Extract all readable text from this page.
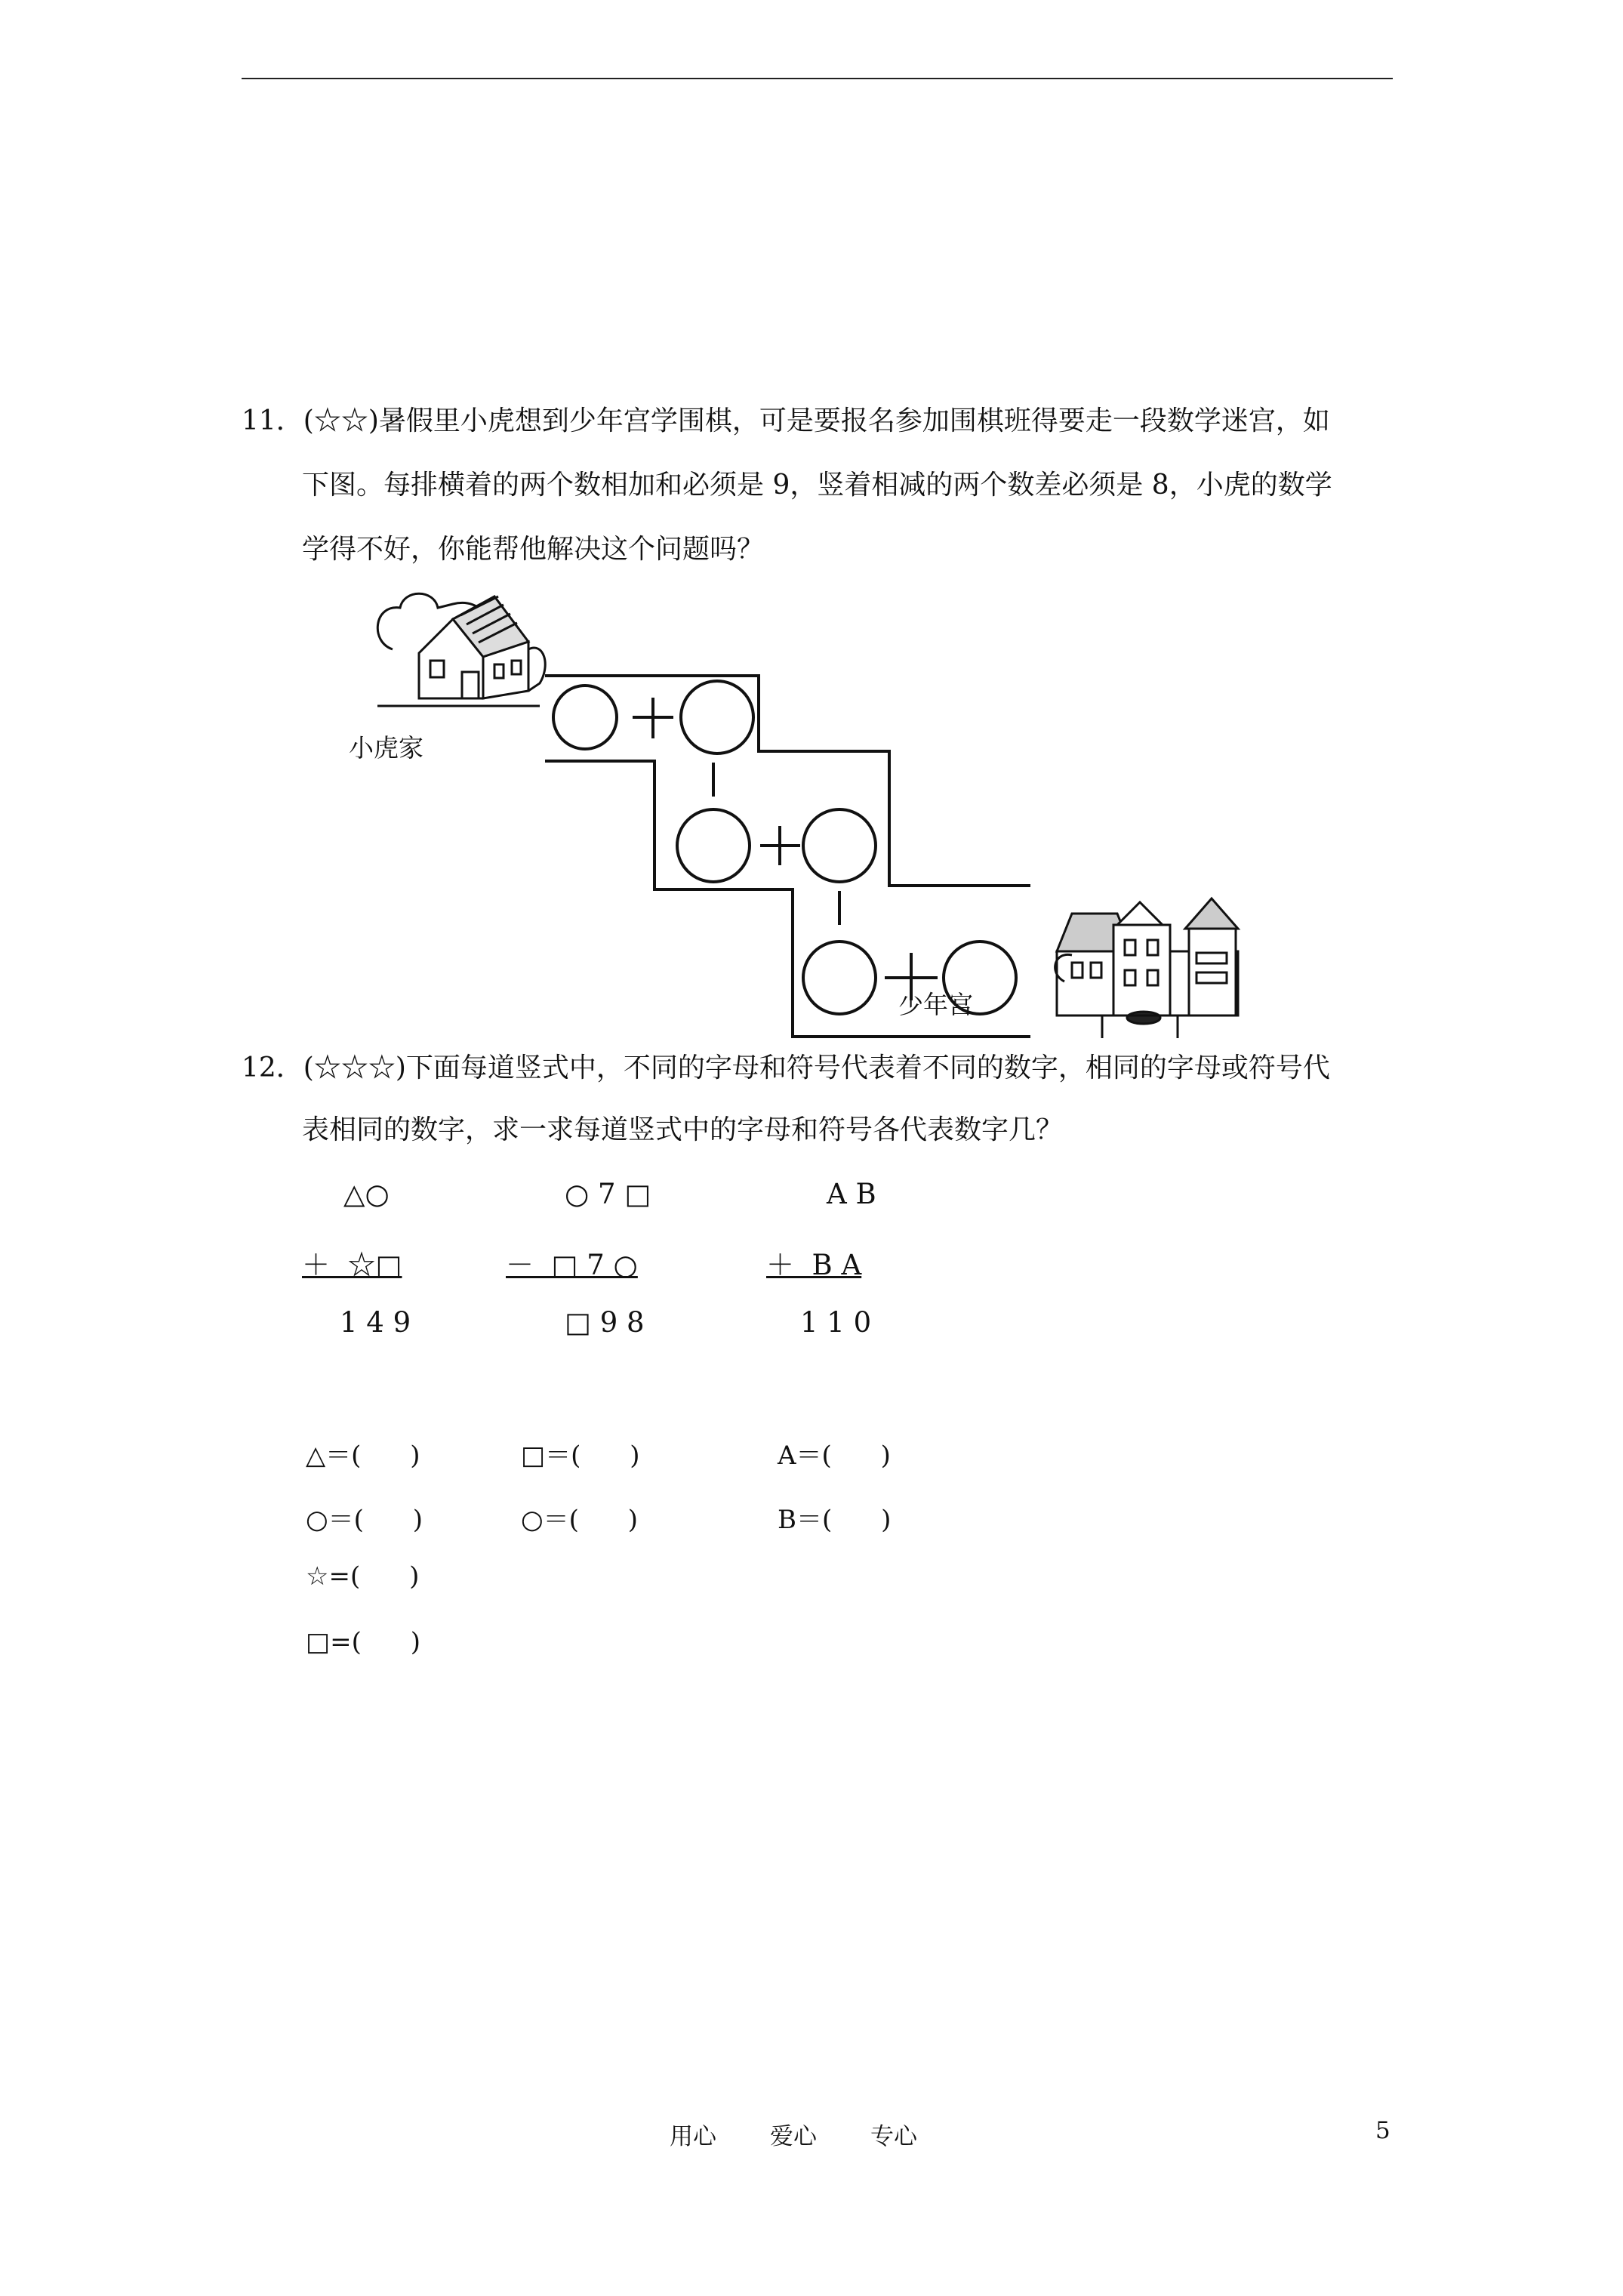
11．(☆☆)暑假里小虎想到少年宫学围棋，可是要报名参加围棋班得要走一段数学迷宫，如
下图。每排横着的两个数相加和必须是 9，竖着相减的两个数差必须是 8，小虎的数学
学得不好，你能帮他解决这个问题吗？
小虎家
少年宫
12．(☆☆☆)下面每道竖式中，不同的字母和符号代表着不同的数字，相同的字母或符号代
表相同的数字，求一求每道竖式中的字母和符号各代表数字几？
△○
＋  ☆□
1 4 9
○ 7 □
－  □ 7 ○
□ 9 8
A B
＋  B A
1 1 0
△＝(      )
○＝(      )
☆=(      )
□=(      )
□＝(      )
○＝(      )
A＝(      )
B＝(      )
用心 爱心 专心	5
